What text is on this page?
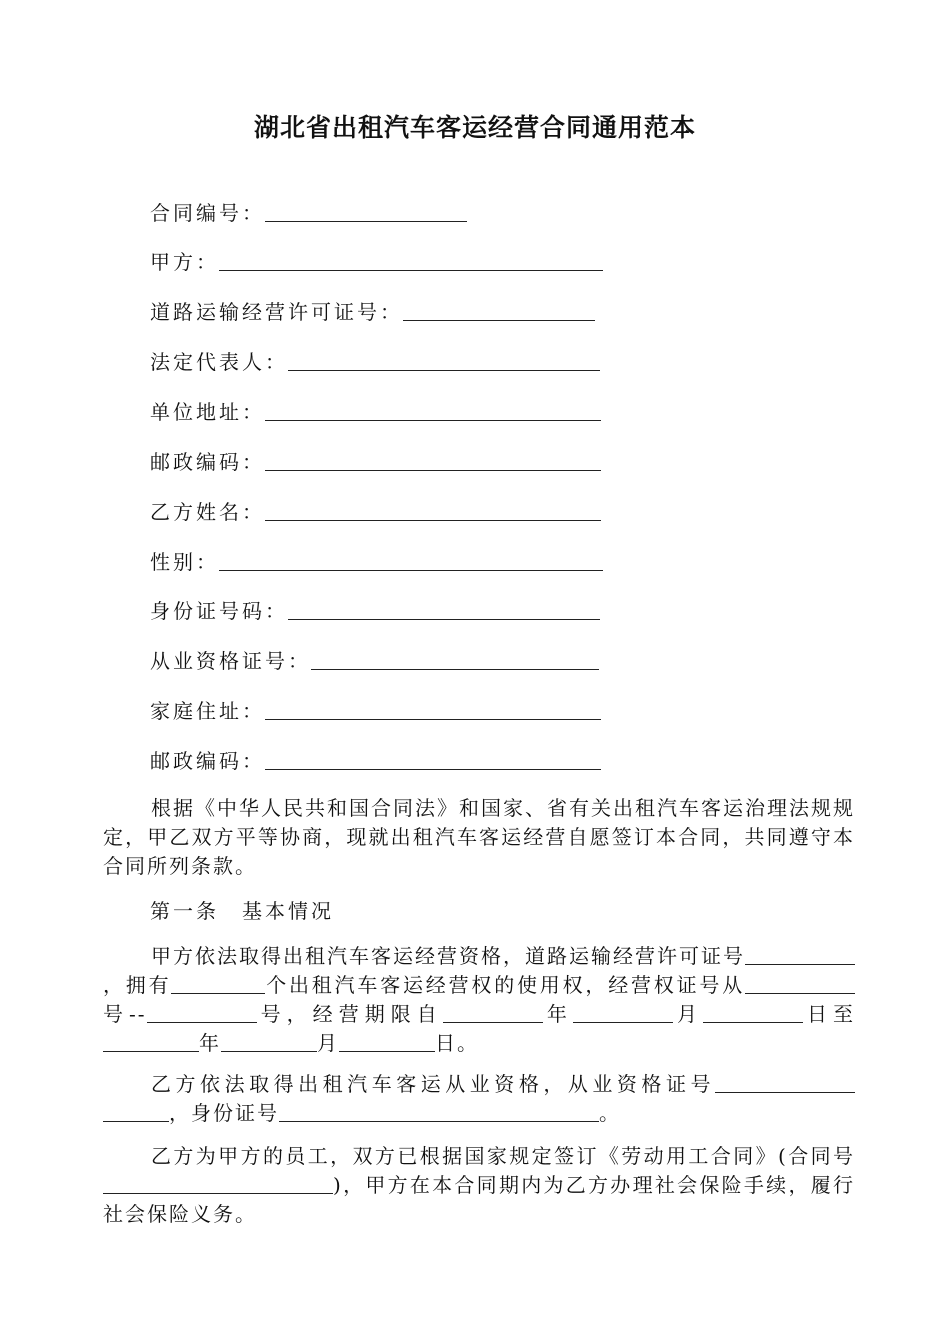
湖北省出租汽车客运经营合同通用范本
合同编号：
甲方：
道路运输经营许可证号：
法定代表人：
单位地址：
邮政编码：
乙方姓名：
性别：
身份证号码：
从业资格证号：
家庭住址：
邮政编码：

根据《中华人民共和国合同法》和国家、省有关出租汽车客运治理法规规定，甲乙双方平等协商，现就出租汽车客运经营自愿签订本合同，共同遵守本合同所列条款。

第一条　基本情况

甲方依法取得出租汽车客运经营资格，道路运输经营许可证号，拥有	个出租汽车客运经营权的使用权，经营权证号从号--	号，经营期限自	年	月	日至年	月	日。

乙方依法取得出租汽车客运从业资格，从业资格证号，身份证号	。

乙方为甲方的员工，双方已根据国家规定签订《劳动用工合同》(合同号)，甲方在本合同期内为乙方办理社会保险手续，履行社会保险义务。
